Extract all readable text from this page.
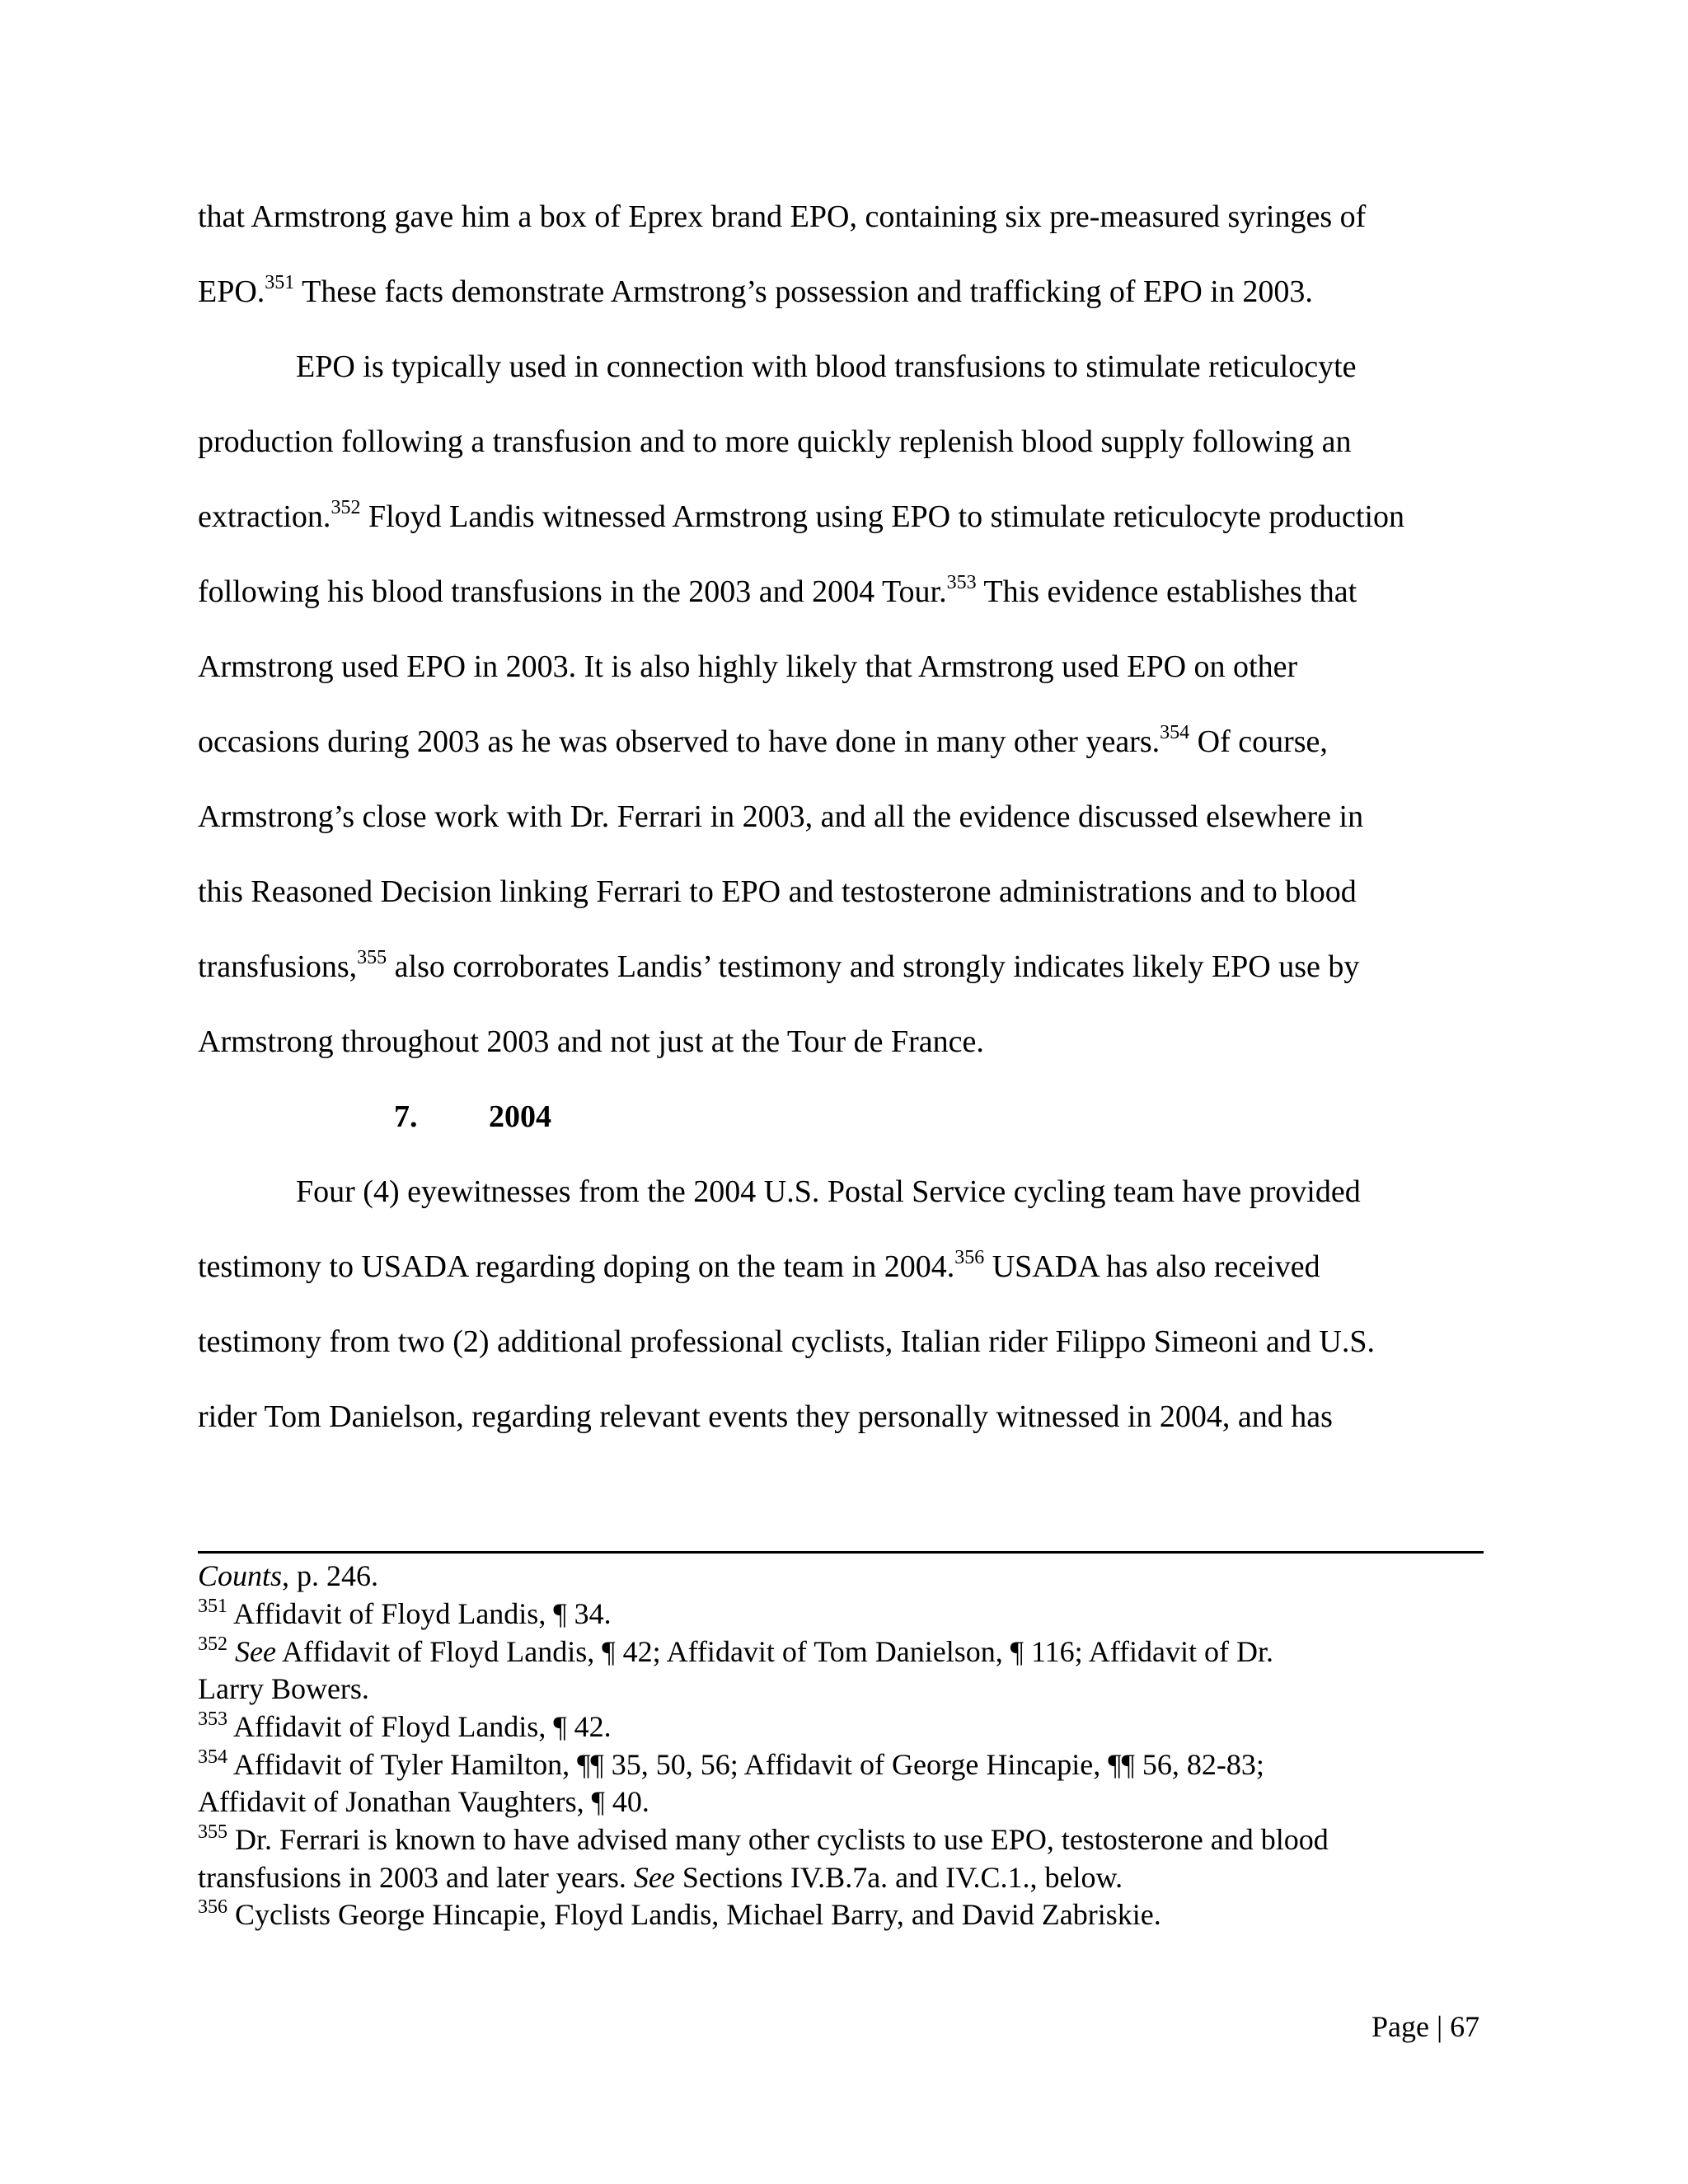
that Armstrong gave him a box of Eprex brand EPO, containing six pre-measured syringes of
EPO.$^{351}$ These facts demonstrate Armstrong’s possession and trafficking of EPO in 2003.
EPO is typically used in connection with blood transfusions to stimulate reticulocyte
production following a transfusion and to more quickly replenish blood supply following an
extraction.$^{352}$ Floyd Landis witnessed Armstrong using EPO to stimulate reticulocyte production
following his blood transfusions in the 2003 and 2004 Tour.$^{353}$ This evidence establishes that
Armstrong used EPO in 2003. It is also highly likely that Armstrong used EPO on other
occasions during 2003 as he was observed to have done in many other years.$^{354}$ Of course,
Armstrong’s close work with Dr. Ferrari in 2003, and all the evidence discussed elsewhere in
this Reasoned Decision linking Ferrari to EPO and testosterone administrations and to blood
transfusions,$^{355}$ also corroborates Landis’ testimony and strongly indicates likely EPO use by
Armstrong throughout 2003 and not just at the Tour de France.
Four (4) eyewitnesses from the 2004 U.S. Postal Service cycling team have provided
testimony to USADA regarding doping on the team in 2004.$^{356}$ USADA has also received
testimony from two (2) additional professional cyclists, Italian rider Filippo Simeoni and U.S.
rider Tom Danielson, regarding relevant events they personally witnessed in 2004, and has
7. 2004
Counts, p. 246.
$^{351}$ Affidavit of Floyd Landis, ¶ 34.
$^{352}$ See Affidavit of Floyd Landis, ¶ 42; Affidavit of Tom Danielson, ¶ 116; Affidavit of Dr.
Larry Bowers.
$^{353}$ Affidavit of Floyd Landis, ¶ 42.
$^{354}$ Affidavit of Tyler Hamilton, ¶¶ 35, 50, 56; Affidavit of George Hincapie, ¶¶ 56, 82-83;
Affidavit of Jonathan Vaughters, ¶ 40.
$^{355}$ Dr. Ferrari is known to have advised many other cyclists to use EPO, testosterone and blood
transfusions in 2003 and later years. See Sections IV.B.7a. and IV.C.1., below.
$^{356}$ Cyclists George Hincapie, Floyd Landis, Michael Barry, and David Zabriskie.
Page | 67
